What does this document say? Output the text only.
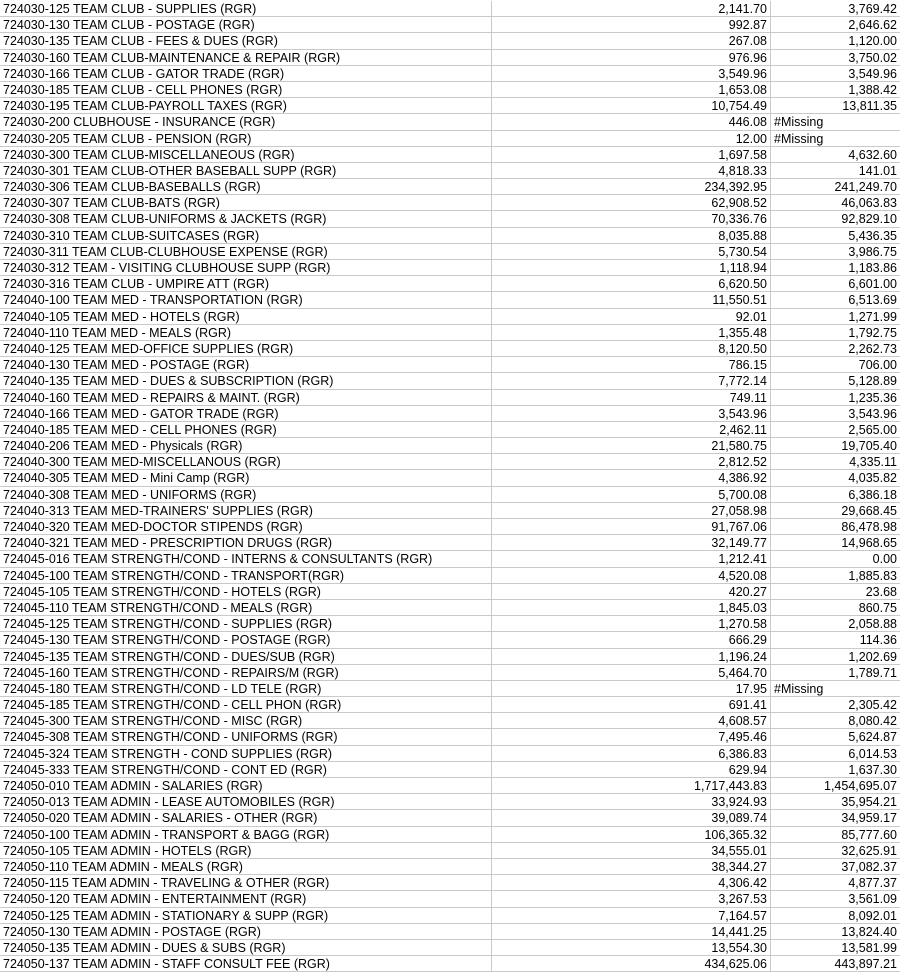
724030-125 TEAM CLUB - SUPPLIES (RGR)	2,141.70	3,769.42
724030-130 TEAM CLUB - POSTAGE (RGR)	992.87	2,646.62
724030-135 TEAM CLUB - FEES & DUES (RGR)	267.08	1,120.00
724030-160 TEAM CLUB-MAINTENANCE & REPAIR (RGR)	976.96	3,750.02
724030-166 TEAM CLUB - GATOR TRADE (RGR)	3,549.96	3,549.96
724030-185 TEAM CLUB - CELL PHONES (RGR)	1,653.08	1,388.42
724030-195 TEAM CLUB-PAYROLL TAXES (RGR)	10,754.49	13,811.35
724030-200 CLUBHOUSE - INSURANCE (RGR)	446.08 #Missing
724030-205 TEAM CLUB - PENSION (RGR)	12.00 #Missing
724030-300 TEAM CLUB-MISCELLANEOUS (RGR)	1,697.58	4,632.60
724030-301 TEAM CLUB-OTHER BASEBALL SUPP (RGR)	4,818.33	141.01
724030-306 TEAM CLUB-BASEBALLS (RGR)	234,392.95	241,249.70
724030-307 TEAM CLUB-BATS (RGR)	62,908.52	46,063.83
724030-308 TEAM CLUB-UNIFORMS & JACKETS (RGR)	70,336.76	92,829.10
724030-310 TEAM CLUB-SUITCASES (RGR)	8,035.88	5,436.35
724030-311 TEAM CLUB-CLUBHOUSE EXPENSE (RGR)	5,730.54	3,986.75
724030-312 TEAM - VISITING CLUBHOUSE SUPP (RGR)	1,118.94	1,183.86
724030-316 TEAM CLUB - UMPIRE ATT (RGR)	6,620.50	6,601.00
724040-100 TEAM MED - TRANSPORTATION (RGR)	11,550.51	6,513.69
724040-105 TEAM MED - HOTELS (RGR)	92.01	1,271.99
724040-110 TEAM MED - MEALS (RGR)	1,355.48	1,792.75
724040-125 TEAM MED-OFFICE SUPPLIES (RGR)	8,120.50	2,262.73
724040-130 TEAM MED - POSTAGE (RGR)	786.15	706.00
724040-135 TEAM MED - DUES & SUBSCRIPTION (RGR)	7,772.14	5,128.89
724040-160 TEAM MED - REPAIRS & MAINT. (RGR)	749.11	1,235.36
724040-166 TEAM MED - GATOR TRADE (RGR)	3,543.96	3,543.96
724040-185 TEAM MED - CELL PHONES (RGR)	2,462.11	2,565.00
724040-206 TEAM MED - Physicals (RGR)	21,580.75	19,705.40
724040-300 TEAM MED-MISCELLANOUS (RGR)	2,812.52	4,335.11
724040-305 TEAM MED - Mini Camp (RGR)	4,386.92	4,035.82
724040-308 TEAM MED - UNIFORMS (RGR)	5,700.08	6,386.18
724040-313 TEAM MED-TRAINERS' SUPPLIES (RGR)	27,058.98	29,668.45
724040-320 TEAM MED-DOCTOR STIPENDS (RGR)	91,767.06	86,478.98
724040-321 TEAM MED - PRESCRIPTION DRUGS (RGR)	32,149.77	14,968.65
724045-016 TEAM STRENGTH/COND - INTERNS & CONSULTANTS (RGR)	1,212.41	0.00
724045-100 TEAM STRENGTH/COND - TRANSPORT(RGR)	4,520.08	1,885.83
724045-105 TEAM STRENGTH/COND - HOTELS (RGR)	420.27	23.68
724045-110 TEAM STRENGTH/COND - MEALS (RGR)	1,845.03	860.75
724045-125 TEAM STRENGTH/COND - SUPPLIES (RGR)	1,270.58	2,058.88
724045-130 TEAM STRENGTH/COND - POSTAGE (RGR)	666.29	114.36
724045-135 TEAM STRENGTH/COND - DUES/SUB (RGR)	1,196.24	1,202.69
724045-160 TEAM STRENGTH/COND - REPAIRS/M (RGR)	5,464.70	1,789.71
724045-180 TEAM STRENGTH/COND - LD TELE (RGR)	17.95 #Missing
724045-185 TEAM STRENGTH/COND - CELL PHON (RGR)	691.41	2,305.42
724045-300 TEAM STRENGTH/COND - MISC (RGR)	4,608.57	8,080.42
724045-308 TEAM STRENGTH/COND - UNIFORMS (RGR)	7,495.46	5,624.87
724045-324 TEAM STRENGTH - COND SUPPLIES (RGR)	6,386.83	6,014.53
724045-333 TEAM STRENGTH/COND - CONT ED (RGR)	629.94	1,637.30
724050-010 TEAM ADMIN - SALARIES (RGR)	1,717,443.83	1,454,695.07
724050-013 TEAM ADMIN - LEASE AUTOMOBILES (RGR)	33,924.93	35,954.21
724050-020 TEAM ADMIN - SALARIES - OTHER (RGR)	39,089.74	34,959.17
724050-100 TEAM ADMIN - TRANSPORT & BAGG (RGR)	106,365.32	85,777.60
724050-105 TEAM ADMIN - HOTELS (RGR)	34,555.01	32,625.91
724050-110 TEAM ADMIN - MEALS (RGR)	38,344.27	37,082.37
724050-115 TEAM ADMIN - TRAVELING & OTHER (RGR)	4,306.42	4,877.37
724050-120 TEAM ADMIN - ENTERTAINMENT (RGR)	3,267.53	3,561.09
724050-125 TEAM ADMIN - STATIONARY & SUPP (RGR)	7,164.57	8,092.01
724050-130 TEAM ADMIN - POSTAGE (RGR)	14,441.25	13,824.40
724050-135 TEAM ADMIN - DUES & SUBS (RGR)	13,554.30	13,581.99
724050-137 TEAM ADMIN - STAFF CONSULT FEE (RGR)	434,625.06	443,897.21
